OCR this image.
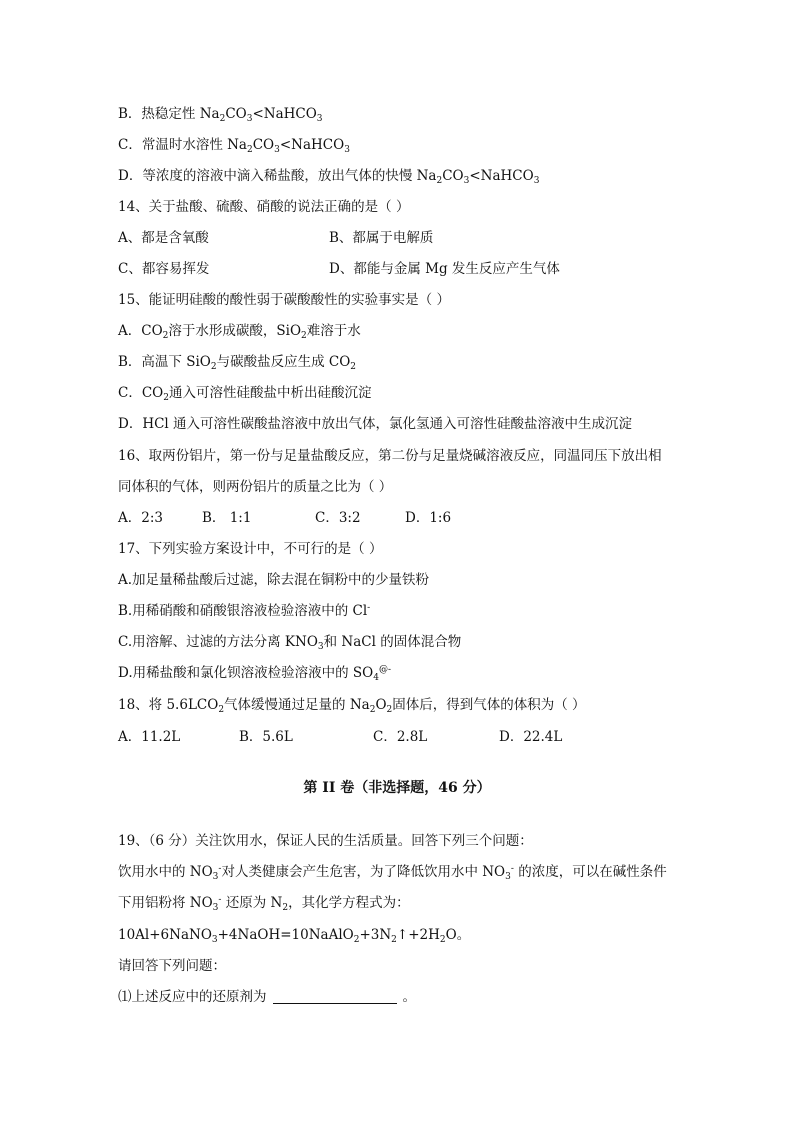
B．热稳定性 $Na_2CO_3<NaHCO_3$
C．常温时水溶性 $Na_2CO_3<NaHCO_3$
D．等浓度的溶液中滴入稀盐酸，放出气体的快慢 $Na_2CO_3<NaHCO_3$
14、关于盐酸、硫酸、硝酸的说法正确的是（ ）
A、都是含氧酸	B、都属于电解质
C、都容易挥发	D、都能与金属 Mg 发生反应产生气体
15、能证明硅酸的酸性弱于碳酸酸性的实验事实是（ ）
A．$CO_2$溶于水形成碳酸，SiO$_2$难溶于水
B．高温下 SiO$_2$与碳酸盐反应生成 $CO_2$
C．$CO_2$通入可溶性硅酸盐中析出硅酸沉淀
D．HCl 通入可溶性碳酸盐溶液中放出气体，氯化氢通入可溶性硅酸盐溶液中生成沉淀
16、取两份铝片，第一份与足量盐酸反应，第二份与足量烧碱溶液反应，同温同压下放出相
同体积的气体，则两份铝片的质量之比为（ ）
A．2:3	B． 1:1	C．3:2	D．1:6
17、下列实验方案设计中，不可行的是（ ）
A.加足量稀盐酸后过滤，除去混在铜粉中的少量铁粉
B.用稀硝酸和硝酸银溶液检验溶液中的 Cl-
C.用溶解、过滤的方法分离 $KNO_3$和 NaCl 的固体混合物
D.用稀盐酸和氯化钡溶液检验溶液中的 $SO_4^{@-}$
18、将 $5.6LCO_2$气体缓慢通过足量的 $Na_2O_2$固体后，得到气体的体积为（ ）
A．11.2L	B．5.6L	C．2.8L	D．22.4L
第 II 卷（非选择题，46 分）
19、（6 分）关注饮用水，保证人民的生活质量。回答下列三个问题：
饮用水中的 $NO_3^-$对人类健康会产生危害，为了降低饮用水中 $NO_3^-$ 的浓度，可以在碱性条件
下用铝粉将 $NO_3^-$ 还原为 $N_2$，其化学方程式为：
$10Al+6NaNO_3+4NaOH=10NaAlO_2+3N_2↑+2H_2O$。
请回答下列问题：
⑴上述反应中的还原剂为	。
